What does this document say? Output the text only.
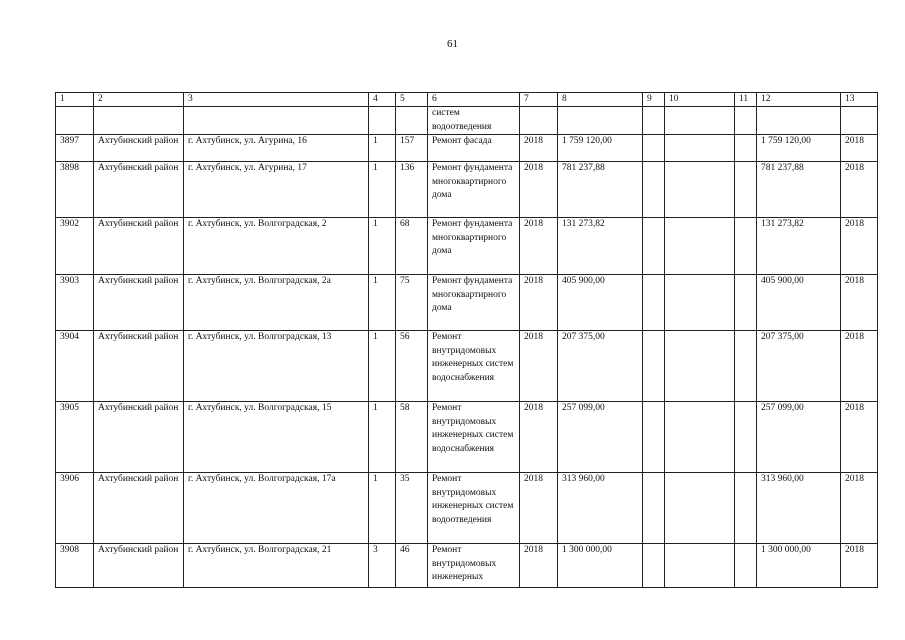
61
1	2	3	4	5	6	7	8	9	10	11	12	13
					систем водоотведения							
3897	Ахтубинский район	г. Ахтубинск, ул. Агурина, 16	1	157	Ремонт фасада	2018	1 759 120,00				1 759 120,00	2018
3898	Ахтубинский район	г. Ахтубинск, ул. Агурина, 17	1	136	Ремонт фундамента многоквартирного дома	2018	781 237,88				781 237,88	2018
3902	Ахтубинский район	г. Ахтубинск, ул. Волгоградская, 2	1	68	Ремонт фундамента многоквартирного дома	2018	131 273,82				131 273,82	2018
3903	Ахтубинский район	г. Ахтубинск, ул. Волгоградская, 2а	1	75	Ремонт фундамента многоквартирного дома	2018	405 900,00				405 900,00	2018
3904	Ахтубинский район	г. Ахтубинск, ул. Волгоградская, 13	1	56	Ремонт внутридомовых инженерных систем водоснабжения	2018	207 375,00				207 375,00	2018
3905	Ахтубинский район	г. Ахтубинск, ул. Волгоградская, 15	1	58	Ремонт внутридомовых инженерных систем водоснабжения	2018	257 099,00				257 099,00	2018
3906	Ахтубинский район	г. Ахтубинск, ул. Волгоградская, 17а	1	35	Ремонт внутридомовых инженерных систем водоотведения	2018	313 960,00				313 960,00	2018
3908	Ахтубинский район	г. Ахтубинск, ул. Волгоградская, 21	3	46	Ремонт внутридомовых инженерных	2018	1 300 000,00				1 300 000,00	2018
